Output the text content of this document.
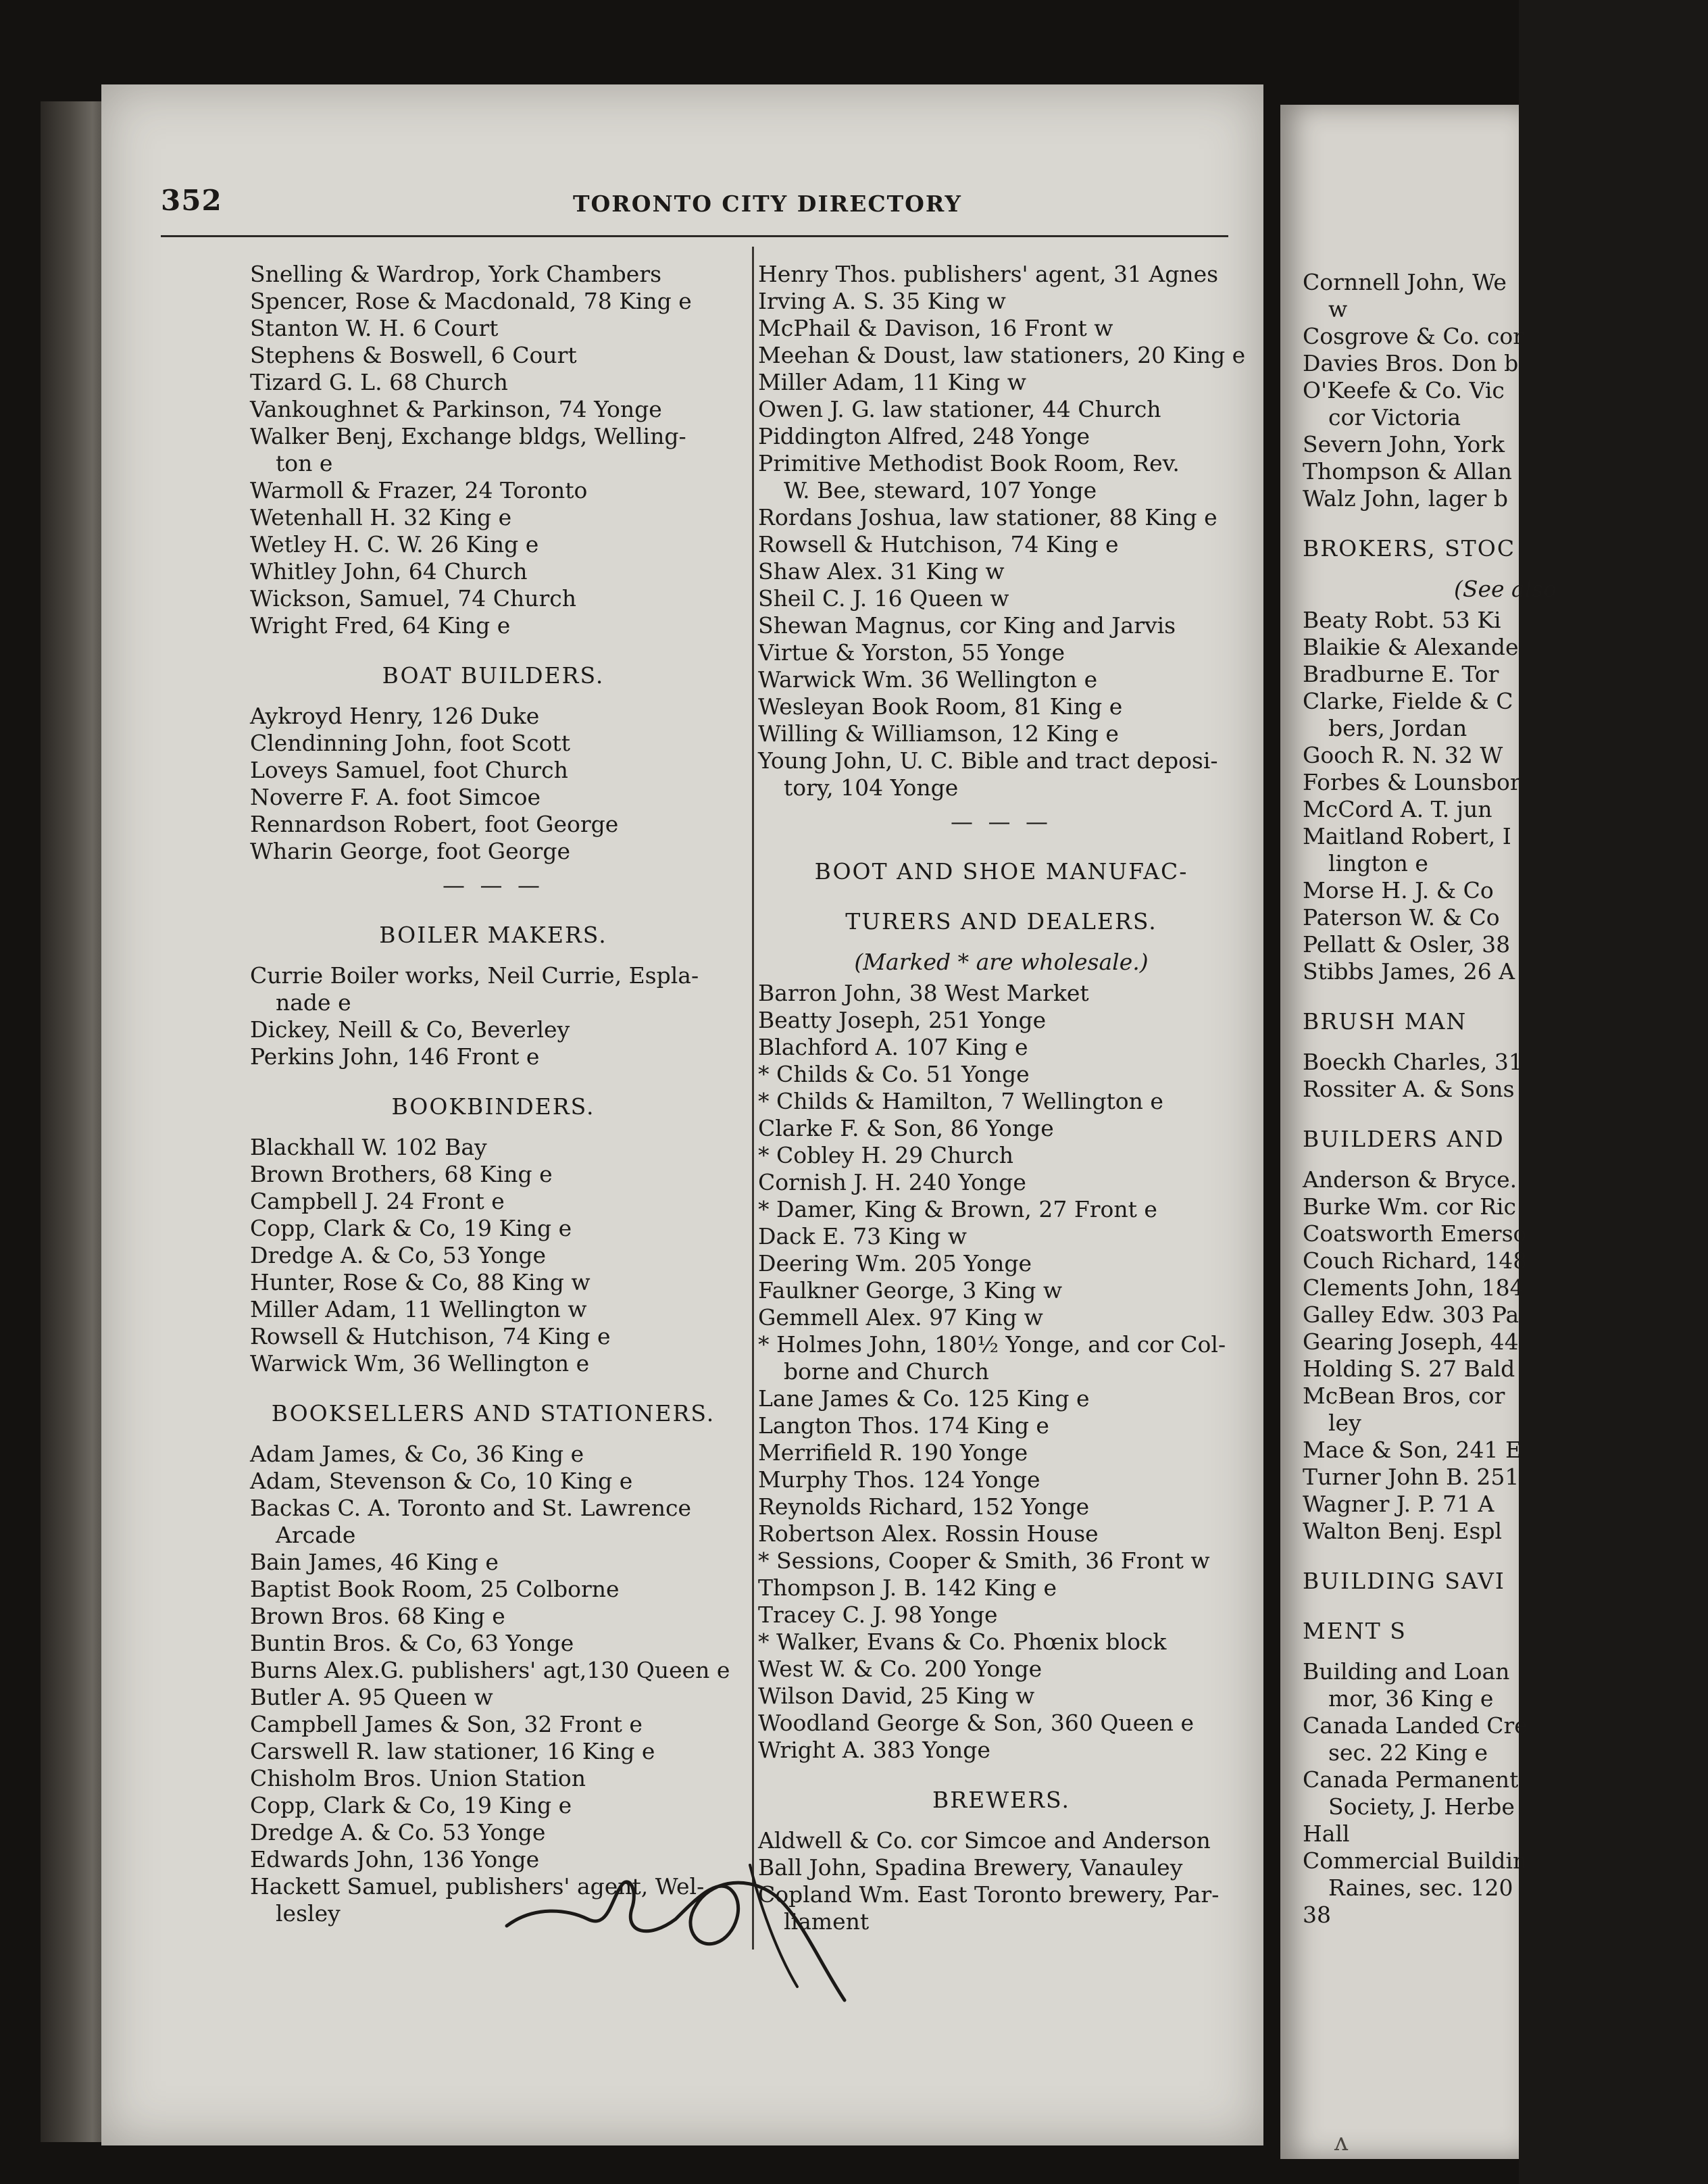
352	TORONTO CITY DIRECTORY
Snelling & Wardrop, York Chambers
Spencer, Rose & Macdonald, 78 King e
Stanton W. H. 6 Court
Stephens & Boswell, 6 Court
Tizard G. L. 68 Church
Vankoughnet & Parkinson, 74 Yonge
Walker Benj, Exchange bldgs, Welling-
ton e
Warmoll & Frazer, 24 Toronto
Wetenhall H. 32 King e
Wetley H. C. W. 26 King e
Whitley John, 64 Church
Wickson, Samuel, 74 Church
Wright Fred, 64 King e
BOAT BUILDERS.
Aykroyd Henry, 126 Duke
Clendinning John, foot Scott
Loveys Samuel, foot Church
Noverre F. A. foot Simcoe
Rennardson Robert, foot George
Wharin George, foot George
— — —
BOILER MAKERS.
Currie Boiler works, Neil Currie, Espla-
nade e
Dickey, Neill & Co, Beverley
Perkins John, 146 Front e
BOOKBINDERS.
Blackhall W. 102 Bay
Brown Brothers, 68 King e
Campbell J. 24 Front e
Copp, Clark & Co, 19 King e
Dredge A. & Co, 53 Yonge
Hunter, Rose & Co, 88 King w
Miller Adam, 11 Wellington w
Rowsell & Hutchison, 74 King e
Warwick Wm, 36 Wellington e
BOOKSELLERS AND STATIONERS.
Adam James, & Co, 36 King e
Adam, Stevenson & Co, 10 King e
Backas C. A. Toronto and St. Lawrence
Arcade
Bain James, 46 King e
Baptist Book Room, 25 Colborne
Brown Bros. 68 King e
Buntin Bros. & Co, 63 Yonge
Burns Alex.G. publishers' agt,130 Queen e
Butler A. 95 Queen w
Campbell James & Son, 32 Front e
Carswell R. law stationer, 16 King e
Chisholm Bros. Union Station
Copp, Clark & Co, 19 King e
Dredge A. & Co. 53 Yonge
Edwards John, 136 Yonge
Hackett Samuel, publishers' agent, Wel-
lesley
Henry Thos. publishers' agent, 31 Agnes
Irving A. S. 35 King w
McPhail & Davison, 16 Front w
Meehan & Doust, law stationers, 20 King e
Miller Adam, 11 King w
Owen J. G. law stationer, 44 Church
Piddington Alfred, 248 Yonge
Primitive Methodist Book Room, Rev.
W. Bee, steward, 107 Yonge
Rordans Joshua, law stationer, 88 King e
Rowsell & Hutchison, 74 King e
Shaw Alex. 31 King w
Sheil C. J. 16 Queen w
Shewan Magnus, cor King and Jarvis
Virtue & Yorston, 55 Yonge
Warwick Wm. 36 Wellington e
Wesleyan Book Room, 81 King e
Willing & Williamson, 12 King e
Young John, U. C. Bible and tract deposi-
tory, 104 Yonge
— — —
BOOT AND SHOE MANUFAC-
TURERS AND DEALERS.
(Marked * are wholesale.)
Barron John, 38 West Market
Beatty Joseph, 251 Yonge
Blachford A. 107 King e
* Childs & Co. 51 Yonge
* Childs & Hamilton, 7 Wellington e
Clarke F. & Son, 86 Yonge
* Cobley H. 29 Church
Cornish J. H. 240 Yonge
* Damer, King & Brown, 27 Front e
Dack E. 73 King w
Deering Wm. 205 Yonge
Faulkner George, 3 King w
Gemmell Alex. 97 King w
* Holmes John, 180½ Yonge, and cor Col-
borne and Church
Lane James & Co. 125 King e
Langton Thos. 174 King e
Merrifield R. 190 Yonge
Murphy Thos. 124 Yonge
Reynolds Richard, 152 Yonge
Robertson Alex. Rossin House
* Sessions, Cooper & Smith, 36 Front w
Thompson J. B. 142 King e
Tracey C. J. 98 Yonge
* Walker, Evans & Co. Phœnix block
West W. & Co. 200 Yonge
Wilson David, 25 King w
Woodland George & Son, 360 Queen e
Wright A. 383 Yonge
BREWERS.
Aldwell & Co. cor Simcoe and Anderson
Ball John, Spadina Brewery, Vanauley
Copland Wm. East Toronto brewery, Par-
liament
Cornnell John, We
w
Cosgrove & Co. cor
Davies Bros. Don b
O'Keefe & Co. Vic
cor Victoria
Severn John, York
Thompson & Allan
Walz John, lager b
BROKERS, STOC
(See also
Beaty Robt. 53 Ki
Blaikie & Alexande
Bradburne E. Tor
Clarke, Fielde & C
bers, Jordan
Gooch R. N. 32 W
Forbes & Lounsbor
McCord A. T. jun
Maitland Robert, I
lington e
Morse H. J. & Co
Paterson W. & Co
Pellatt & Osler, 38
Stibbs James, 26 A
BRUSH MAN
Boeckh Charles, 31
Rossiter A. & Sons
BUILDERS AND
Anderson & Bryce.
Burke Wm. cor Ric
Coatsworth Emerso
Couch Richard, 148
Clements John, 184
Galley Edw. 303 Pa
Gearing Joseph, 44
Holding S. 27 Bald
McBean Bros, cor
ley
Mace & Son, 241 E
Turner John B. 251
Wagner J. P. 71 A
Walton Benj. Espl
BUILDING SAVI
MENT S
Building and Loan
mor, 36 King e
Canada Landed Cre
sec. 22 King e
Canada Permanent
Society, J. Herbe
Hall
Commercial Buildin
Raines, sec. 120
38
ʌ
